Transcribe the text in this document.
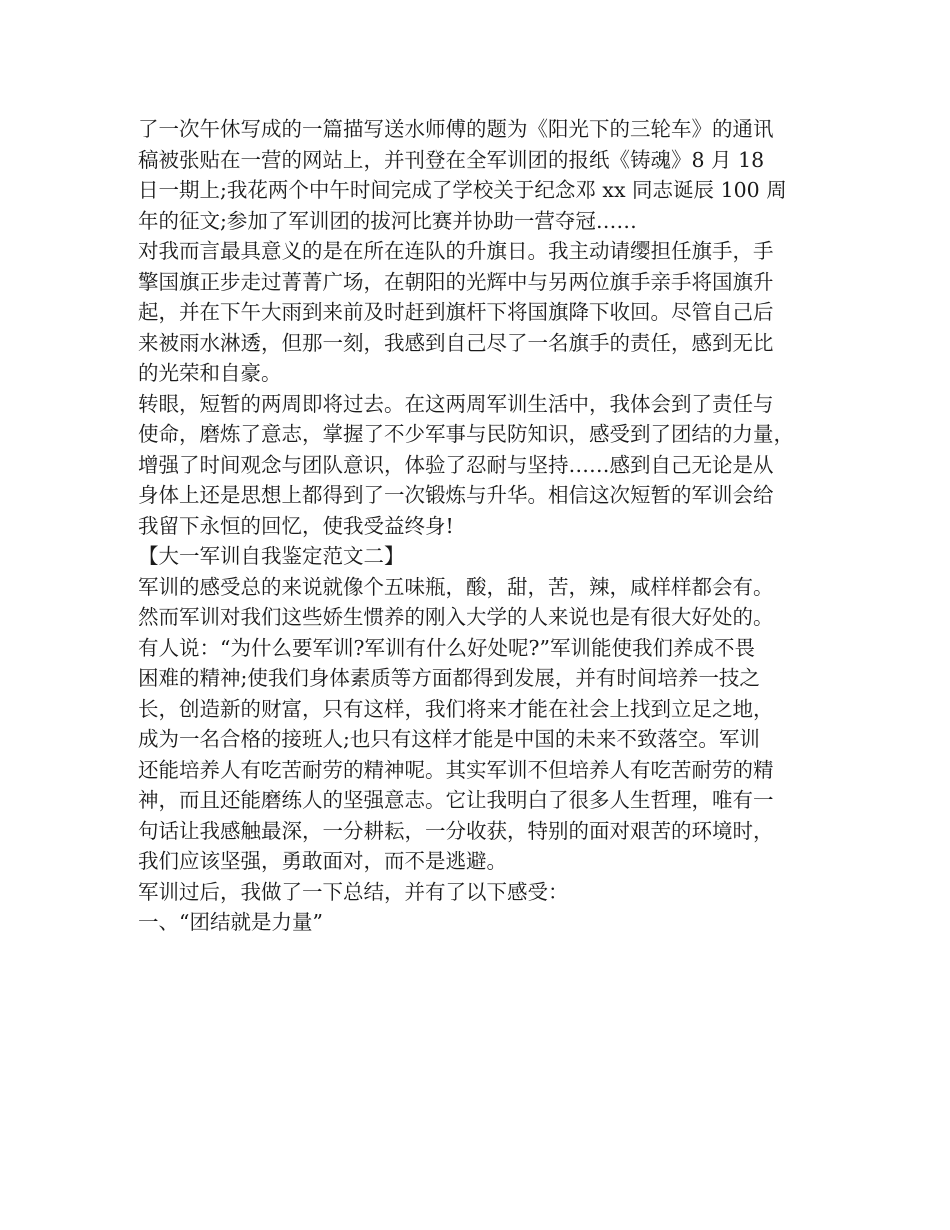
了一次午休写成的一篇描写送水师傅的题为《阳光下的三轮车》的通讯
稿被张贴在一营的网站上，并刊登在全军训团的报纸《铸魂》8 月 18
日一期上;我花两个中午时间完成了学校关于纪念邓 xx 同志诞辰 100 周
年的征文;参加了军训团的拔河比赛并协助一营夺冠……
对我而言最具意义的是在所在连队的升旗日。我主动请缨担任旗手，手
擎国旗正步走过菁菁广场，在朝阳的光辉中与另两位旗手亲手将国旗升
起，并在下午大雨到来前及时赶到旗杆下将国旗降下收回。尽管自己后
来被雨水淋透，但那一刻，我感到自己尽了一名旗手的责任，感到无比
的光荣和自豪。
转眼，短暂的两周即将过去。在这两周军训生活中，我体会到了责任与
使命，磨炼了意志，掌握了不少军事与民防知识，感受到了团结的力量，
增强了时间观念与团队意识，体验了忍耐与坚持……感到自己无论是从
身体上还是思想上都得到了一次锻炼与升华。相信这次短暂的军训会给
我留下永恒的回忆，使我受益终身!
【大一军训自我鉴定范文二】
军训的感受总的来说就像个五味瓶，酸，甜，苦，辣，咸样样都会有。
然而军训对我们这些娇生惯养的刚入大学的人来说也是有很大好处的。
有人说：“为什么要军训?军训有什么好处呢?”军训能使我们养成不畏
困难的精神;使我们身体素质等方面都得到发展，并有时间培养一技之
长，创造新的财富，只有这样，我们将来才能在社会上找到立足之地，
成为一名合格的接班人;也只有这样才能是中国的未来不致落空。军训
还能培养人有吃苦耐劳的精神呢。其实军训不但培养人有吃苦耐劳的精
神，而且还能磨练人的坚强意志。它让我明白了很多人生哲理，唯有一
句话让我感触最深，一分耕耘，一分收获，特别的面对艰苦的环境时，
我们应该坚强，勇敢面对，而不是逃避。
军训过后，我做了一下总结，并有了以下感受：
一、“团结就是力量”
